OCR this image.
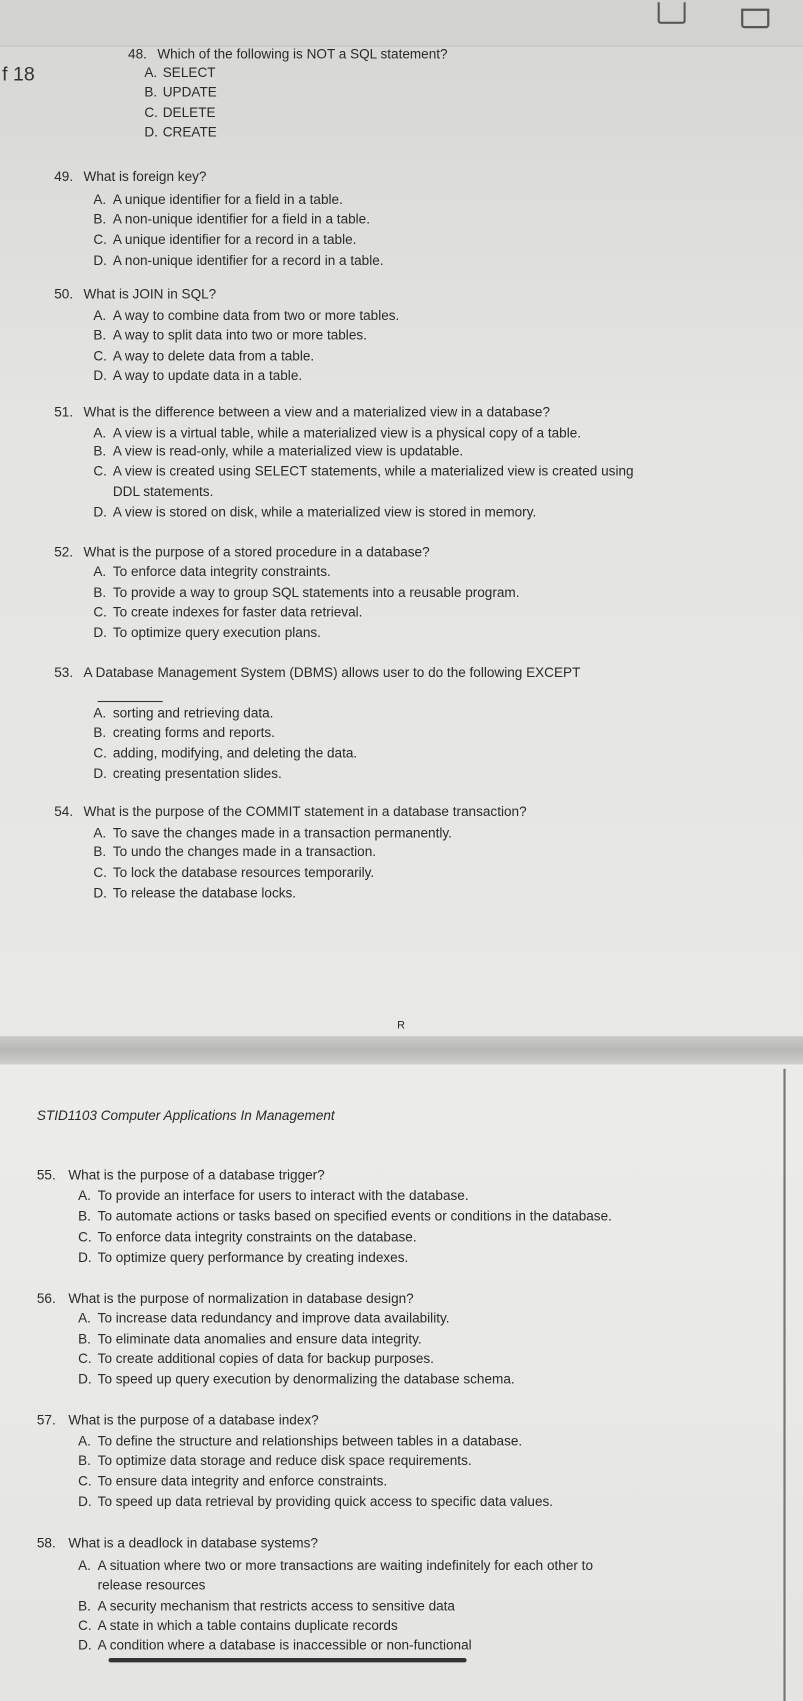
f 18
R
STID1103 Computer Applications In Management
48. Which of the following is NOT a SQL statement?
A. SELECT
B. UPDATE
C. DELETE
D. CREATE
49. What is foreign key?
A. A unique identifier for a field in a table.
B. A non-unique identifier for a field in a table.
C. A unique identifier for a record in a table.
D. A non-unique identifier for a record in a table.
50. What is JOIN in SQL?
A. A way to combine data from two or more tables.
B. A way to split data into two or more tables.
C. A way to delete data from a table.
D. A way to update data in a table.
51. What is the difference between a view and a materialized view in a database?
A. A view is a virtual table, while a materialized view is a physical copy of a table.
B. A view is read-only, while a materialized view is updatable.
C. A view is created using SELECT statements, while a materialized view is created using
DDL statements.
D. A view is stored on disk, while a materialized view is stored in memory.
52. What is the purpose of a stored procedure in a database?
A. To enforce data integrity constraints.
B. To provide a way to group SQL statements into a reusable program.
C. To create indexes for faster data retrieval.
D. To optimize query execution plans.
53. A Database Management System (DBMS) allows user to do the following EXCEPT
A. sorting and retrieving data.
B. creating forms and reports.
C. adding, modifying, and deleting the data.
D. creating presentation slides.
54. What is the purpose of the COMMIT statement in a database transaction?
A. To save the changes made in a transaction permanently.
B. To undo the changes made in a transaction.
C. To lock the database resources temporarily.
D. To release the database locks.
55. What is the purpose of a database trigger?
A. To provide an interface for users to interact with the database.
B. To automate actions or tasks based on specified events or conditions in the database.
C. To enforce data integrity constraints on the database.
D. To optimize query performance by creating indexes.
56. What is the purpose of normalization in database design?
A. To increase data redundancy and improve data availability.
B. To eliminate data anomalies and ensure data integrity.
C. To create additional copies of data for backup purposes.
D. To speed up query execution by denormalizing the database schema.
57. What is the purpose of a database index?
A. To define the structure and relationships between tables in a database.
B. To optimize data storage and reduce disk space requirements.
C. To ensure data integrity and enforce constraints.
D. To speed up data retrieval by providing quick access to specific data values.
58. What is a deadlock in database systems?
A. A situation where two or more transactions are waiting indefinitely for each other to
release resources
B. A security mechanism that restricts access to sensitive data
C. A state in which a table contains duplicate records
D. A condition where a database is inaccessible or non-functional
